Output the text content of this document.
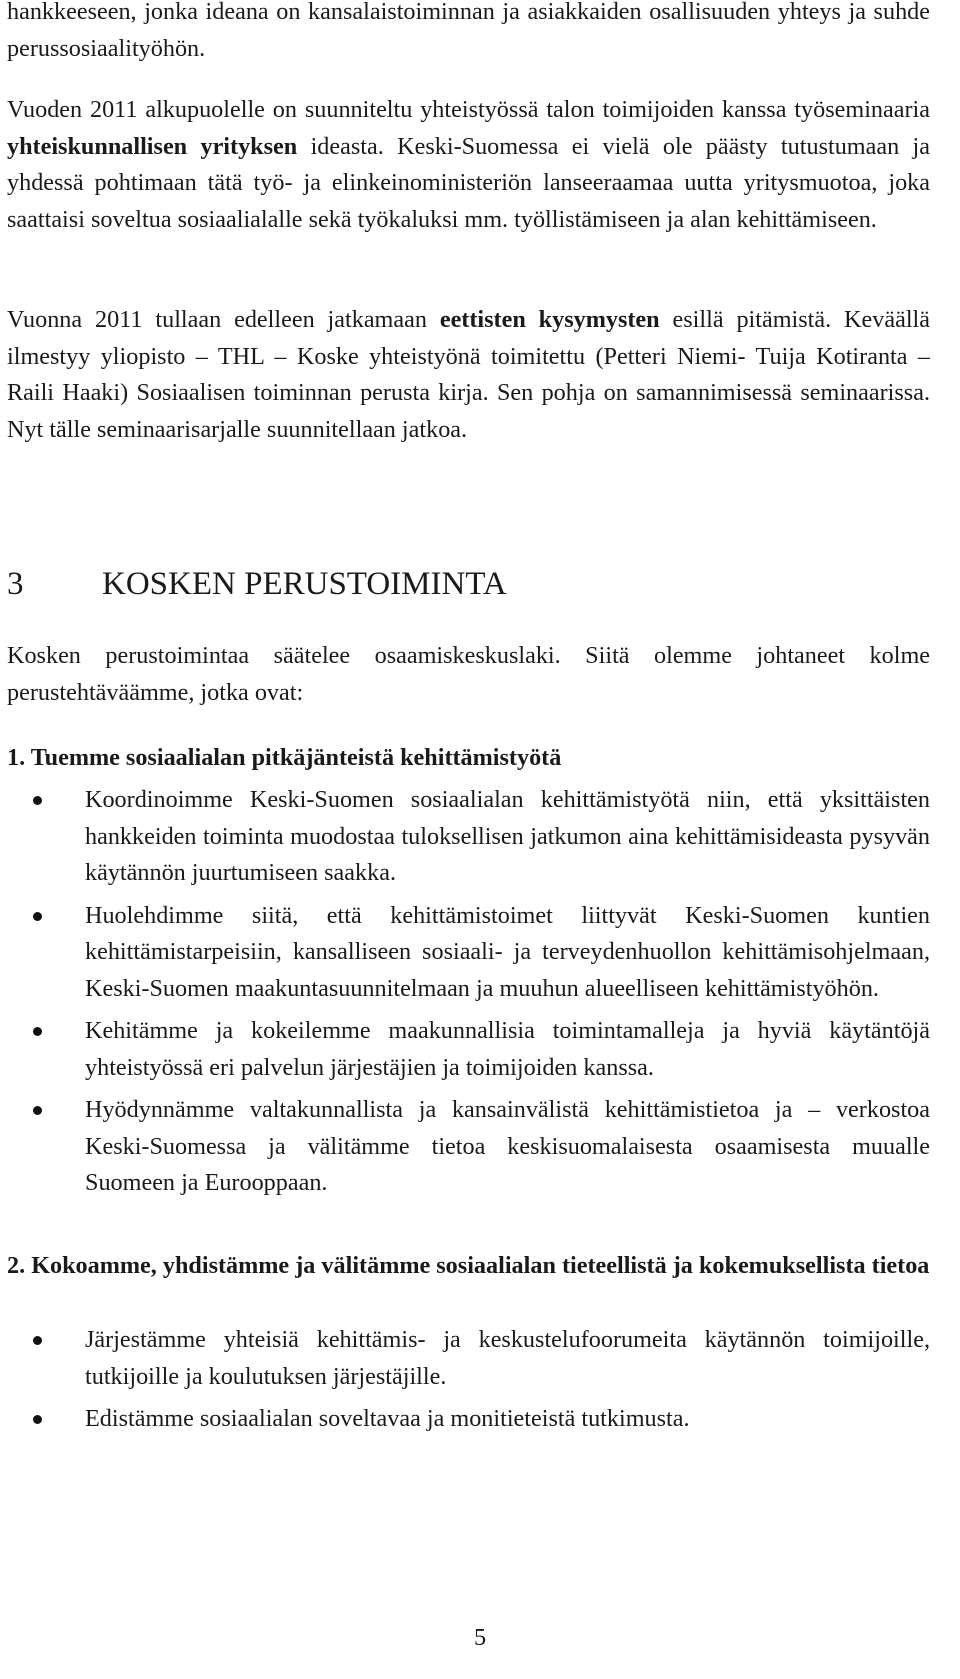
hankkeeseen, jonka ideana on kansalaistoiminnan ja asiakkaiden osallisuuden yhteys ja suhde perussosiaalityöhön.

Vuoden 2011 alkupuolelle on suunniteltu yhteistyössä talon toimijoiden kanssa työseminaaria yhteiskunnallisen yrityksen ideasta. Keski-Suomessa ei vielä ole päästy tutustumaan ja yhdessä pohtimaan tätä työ- ja elinkeinoministeriön lanseeraamaa uutta yritysmuotoa, joka saattaisi soveltua sosiaalialalle sekä työkaluksi mm. työllistämiseen ja alan kehittämiseen.

Vuonna 2011 tullaan edelleen jatkamaan eettisten kysymysten esillä pitämistä. Keväällä ilmestyy yliopisto – THL – Koske yhteistyönä toimitettu (Petteri Niemi- Tuija Kotiranta – Raili Haaki) Sosiaalisen toiminnan perusta kirja. Sen pohja on samannimisessä seminaarissa. Nyt tälle seminaarisarjalle suunnitellaan jatkoa.

3 KOSKEN PERUSTOIMINTA

Kosken perustoimintaa säätelee osaamiskeskuslaki. Siitä olemme johtaneet kolme perustehtäväämme, jotka ovat:

1. Tuemme sosiaalialan pitkäjänteistä kehittämistyötä

Koordinoimme Keski-Suomen sosiaalialan kehittämistyötä niin, että yksittäisten hankkeiden toiminta muodostaa tuloksellisen jatkumon aina kehittämisideasta pysyvän käytännön juurtumiseen saakka.
Huolehdimme siitä, että kehittämistoimet liittyvät Keski-Suomen kuntien kehittämistarpeisiin, kansalliseen sosiaali- ja terveydenhuollon kehittämisohjelmaan, Keski-Suomen maakuntasuunnitelmaan ja muuhun alueelliseen kehittämistyöhön.
Kehitämme ja kokeilemme maakunnallisia toimintamalleja ja hyviä käytäntöjä yhteistyössä eri palvelun järjestäjien ja toimijoiden kanssa.
Hyödynnämme valtakunnallista ja kansainvälistä kehittämistietoa ja – verkostoa Keski-Suomessa ja välitämme tietoa keskisuomalaisesta osaamisesta muualle Suomeen ja Eurooppaan.

2. Kokoamme, yhdistämme ja välitämme sosiaalialan tieteellistä ja kokemuksellista tietoa

Järjestämme yhteisiä kehittämis- ja keskustelufoorumeita käytännön toimijoille, tutkijoille ja koulutuksen järjestäjille.
Edistämme sosiaalialan soveltavaa ja monitieteistä tutkimusta.
5
